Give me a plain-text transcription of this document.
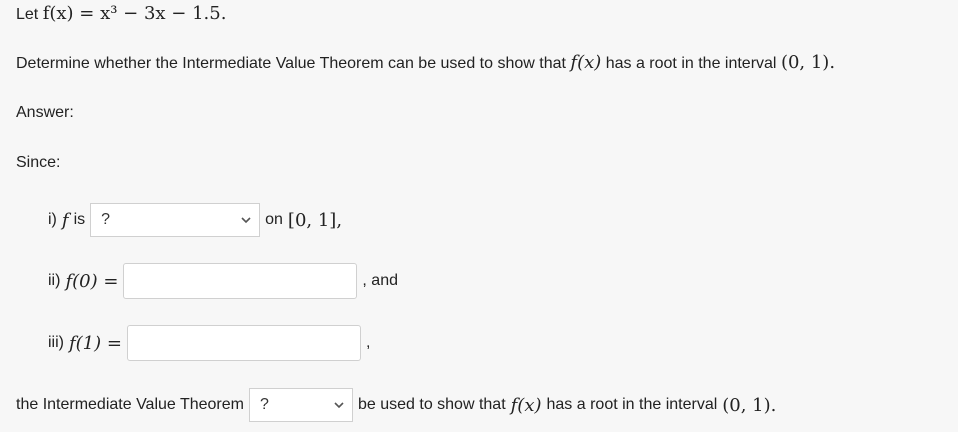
Let f(x) = x³ − 3x − 1.5.
Determine whether the Intermediate Value Theorem can be used to show that f(x) has a root in the interval (0, 1).
Answer:
Since:
i) f is ?	on [0, 1],
ii) f(0) =	, and
iii) f(1) =	,
the Intermediate Value Theorem ?	be used to show that f(x) has a root in the interval (0, 1).
